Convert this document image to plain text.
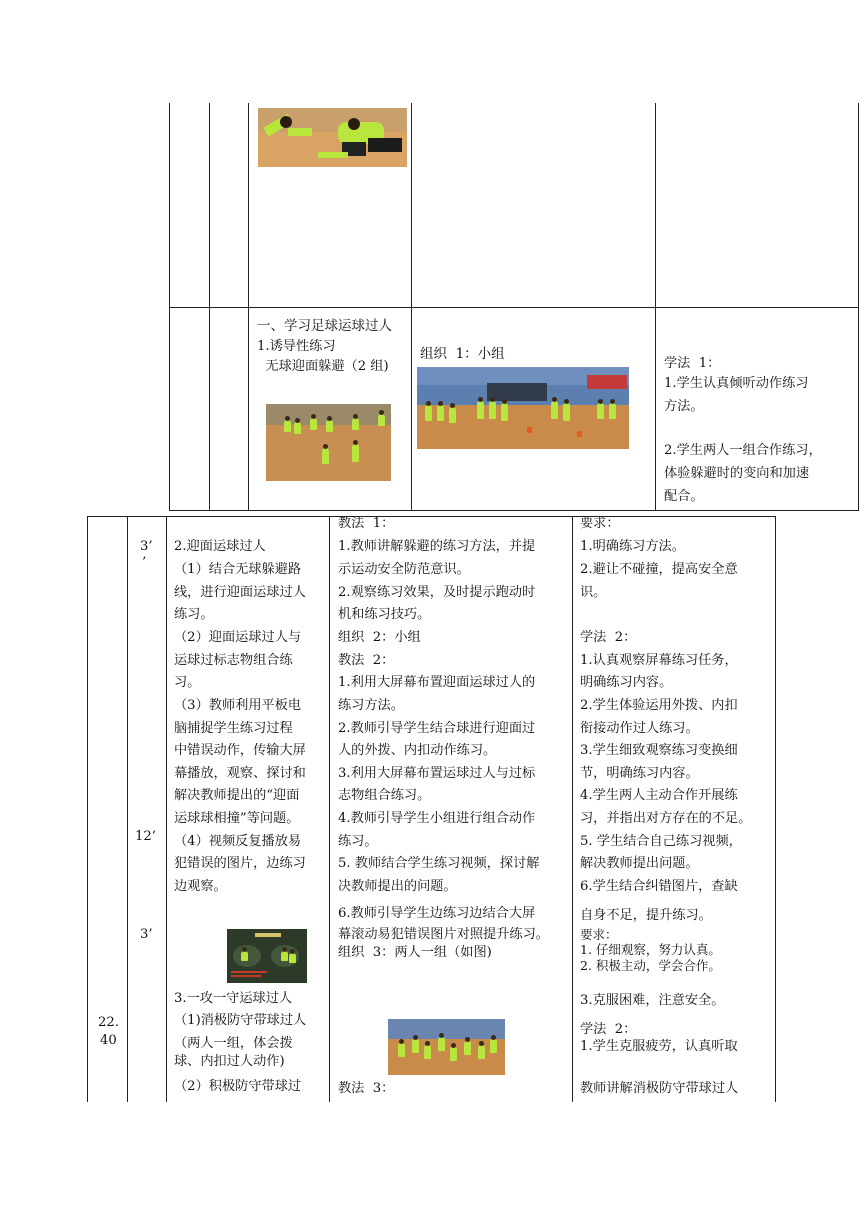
一、学习足球运球过人
1.诱导性练习
无球迎面躲避（2 组)
组织  1：小组
学法  1：
1.学生认真倾听动作练习
方法。
2.学生两人一组合作练习，
体验躲避时的变向和加速
配合。
22.
40
3’
’
12’
3’
2.迎面运球过人
（1）结合无球躲避路
线，进行迎面运球过人
练习。
（2）迎面运球过人与
运球过标志物组合练
习。
（3）教师利用平板电
脑捕捉学生练习过程
中错误动作，传输大屏
幕播放，观察、探讨和
解决教师提出的“迎面
运球球相撞”等问题。
（4）视频反复播放易
犯错误的图片，边练习
边观察。
3.一攻一守运球过人
（1)消极防守带球过人
（两人一组，体会拨
球、内扣过人动作)
（2）积极防守带球过
教法  1：
1.教师讲解躲避的练习方法，并提
示运动安全防范意识。
2.观察练习效果，及时提示跑动时
机和练习技巧。
组织  2：小组
教法  2：
1.利用大屏幕布置迎面运球过人的
练习方法。
2.教师引导学生结合球进行迎面过
人的外拨、内扣动作练习。
3.利用大屏幕布置运球过人与过标
志物组合练习。
4.教师引导学生小组进行组合动作
练习。
5. 教师结合学生练习视频，探讨解
决教师提出的问题。
6.教师引导学生边练习边结合大屏
幕滚动易犯错误图片对照提升练习。
组织  3：两人一组（如图)
教法  3：
要求：
1.明确练习方法。
2.避让不碰撞，提高安全意
识。
学法  2：
1.认真观察屏幕练习任务，
明确练习内容。
2.学生体验运用外拨、内扣
衔接动作过人练习。
3.学生细致观察练习变换细
节，明确练习内容。
4.学生两人主动合作开展练
习，并指出对方存在的不足。
5. 学生结合自己练习视频，
解决教师提出问题。
6.学生结合纠错图片，查缺
自身不足，提升练习。
要求：
1. 仔细观察，努力认真。
2. 积极主动，学会合作。
3.克服困难，注意安全。
学法  2：
1.学生克服疲劳，认真听取
教师讲解消极防守带球过人
